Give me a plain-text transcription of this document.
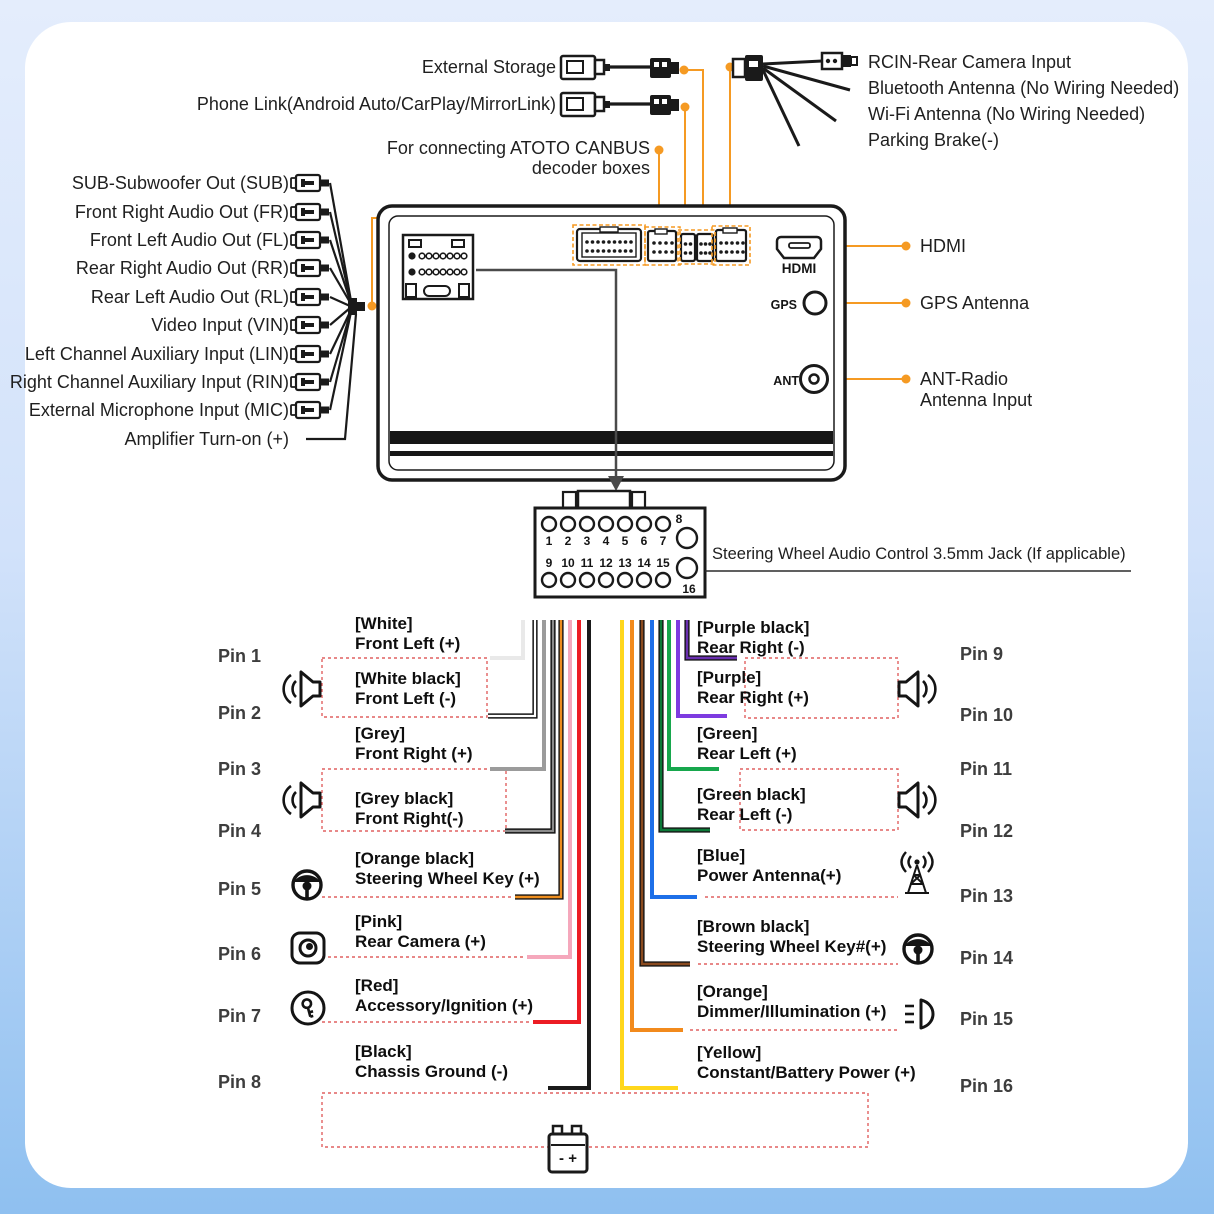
HDMI
GPS
ANT
1 2 3 4 5 6 7
8
9 10 11 12 13 14 15
16
- +
External Storage
Phone Link(Android Auto/CarPlay/MirrorLink)
For connecting ATOTO CANBUS
decoder boxes
RCIN-Rear Camera Input
Bluetooth Antenna (No Wiring Needed)
Wi-Fi Antenna (No Wiring Needed)
Parking Brake(-)
SUB-Subwoofer Out (SUB)
Front Right Audio Out (FR)
Front Left Audio Out (FL)
Rear Right Audio Out (RR)
Rear Left Audio Out (RL)
Video Input (VIN)
Left Channel Auxiliary Input (LIN)
Right Channel Auxiliary Input (RIN)
External Microphone Input (MIC)
Amplifier Turn-on (+)
HDMI
GPS Antenna
ANT-Radio
Antenna Input
Steering Wheel Audio Control 3.5mm Jack (If applicable)
Pin 1
Pin 2
Pin 3
Pin 4
Pin 5
Pin 6
Pin 7
Pin 8
Pin 9
Pin 10
Pin 11
Pin 12
Pin 13
Pin 14
Pin 15
Pin 16
[White]
Front Left (+)
[White black]
Front Left (-)
[Grey]
Front Right (+)
[Grey black]
Front Right(-)
[Orange black]
Steering Wheel Key (+)
[Pink]
Rear Camera (+)
[Red]
Accessory/Ignition (+)
[Black]
Chassis Ground (-)
[Purple black]
Rear Right (-)
[Purple]
Rear Right (+)
[Green]
Rear Left (+)
[Green black]
Rear Left (-)
[Blue]
Power Antenna(+)
[Brown black]
Steering Wheel Key#(+)
[Orange]
Dimmer/Illumination (+)
[Yellow]
Constant/Battery Power (+)
